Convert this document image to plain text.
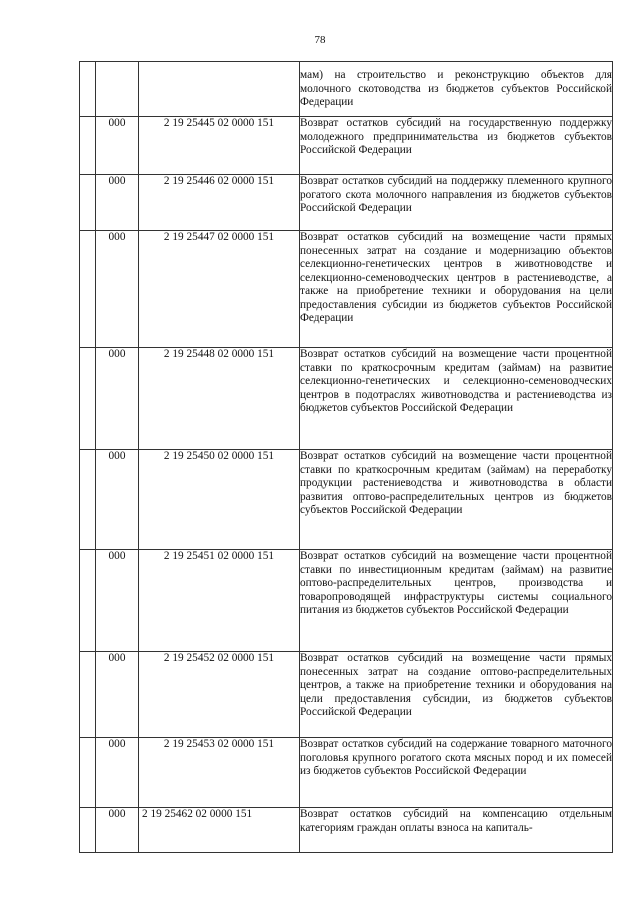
78
			мам) на строительство и реконструкцию объектов для молочного скотоводства из бюджетов субъектов Российской Федерации
	000	2 19 25445 02 0000 151	Возврат остатков субсидий на государственную поддержку молодежного предпринимательства из бюджетов субъектов Российской Федерации
	000	2 19 25446 02 0000 151	Возврат остатков субсидий на поддержку племенного крупного рогатого скота молочного направления из бюджетов субъектов Российской Федерации
	000	2 19 25447 02 0000 151	Возврат остатков субсидий на возмещение части прямых понесенных затрат на создание и модернизацию объектов селекционно-генетических центров в животноводстве и селекционно-семеноводческих центров в растениеводстве, а также на приобретение техники и оборудования на цели предоставления субсидии из бюджетов субъектов Российской Федерации
	000	2 19 25448 02 0000 151	Возврат остатков субсидий на возмещение части процентной ставки по краткосрочным кредитам (займам) на развитие селекционно-генетических и селекционно-семеноводческих центров в подотраслях животноводства и растениеводства из бюджетов субъектов Российской Федерации
	000	2 19 25450 02 0000 151	Возврат остатков субсидий на возмещение части процентной ставки по краткосрочным кредитам (займам) на переработку продукции растениеводства и животноводства в области развития оптово-распределительных центров из бюджетов субъектов Российской Федерации
	000	2 19 25451 02 0000 151	Возврат остатков субсидий на возмещение части процентной ставки по инвестиционным кредитам (займам) на развитие оптово-распределительных центров, производства и товаропроводящей инфраструктуры системы социального питания из бюджетов субъектов Российской Федерации
	000	2 19 25452 02 0000 151	Возврат остатков субсидий на возмещение части прямых понесенных затрат на создание оптово-распределительных центров, а также на приобретение техники и оборудования на цели предоставления субсидии, из бюджетов субъектов Российской Федерации
	000	2 19 25453 02 0000 151	Возврат остатков субсидий на содержание товарного маточного поголовья крупного рогатого скота мясных пород и их помесей из бюджетов субъектов Российской Федерации
	000	2 19 25462 02 0000 151	Возврат остатков субсидий на компенсацию отдельным категориям граждан оплаты взноса на капиталь-
